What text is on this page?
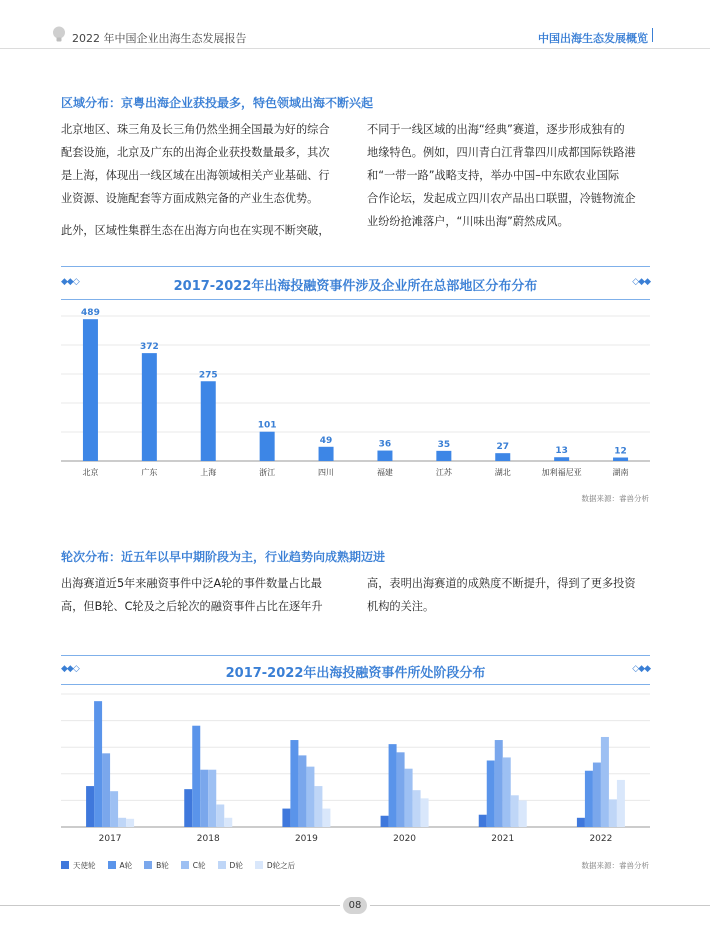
2022 年中国企业出海生态发展报告	中国出海生态发展概览
区域分布：京粤出海企业获投最多，特色领域出海不断兴起
北京地区、珠三角及长三角仍然坐拥全国最为好的综合
配套设施，北京及广东的出海企业获投数量最多，其次
是上海，体现出一线区域在出海领域相关产业基础、行
业资源、设施配套等方面成熟完备的产业生态优势。
此外，区域性集群生态在出海方向也在实现不断突破，
不同于一线区域的出海“经典”赛道，逐步形成独有的
地缘特色。例如，四川青白江背靠四川成都国际铁路港
和“一带一路”战略支持，举办中国–中东欧农业国际
合作论坛，发起成立四川农产品出口联盟，冷链物流企
业纷纷抢滩落户，“川味出海”蔚然成风。
◆◆◇	2017-2022年出海投融资事件涉及企业所在总部地区分布分布	◇◆◆
489
北京
372
广东
275
上海
101
浙江
49
四川
36
福建
35
江苏
27
湖北
13
加利福尼亚
12
湖南
数据来源：睿兽分析
轮次分布：近五年以早中期阶段为主，行业趋势向成熟期迈进
出海赛道近5年来融资事件中泛A轮的事件数量占比最
高，但B轮、C轮及之后轮次的融资事件占比在逐年升
高，表明出海赛道的成熟度不断提升，得到了更多投资
机构的关注。
◆◆◇	2017-2022年出海投融资事件所处阶段分布	◇◆◆
2017	2018	2019	2020	2021	2022
天使轮	A轮	B轮	C轮	D轮	D轮之后	数据来源：睿兽分析
08
